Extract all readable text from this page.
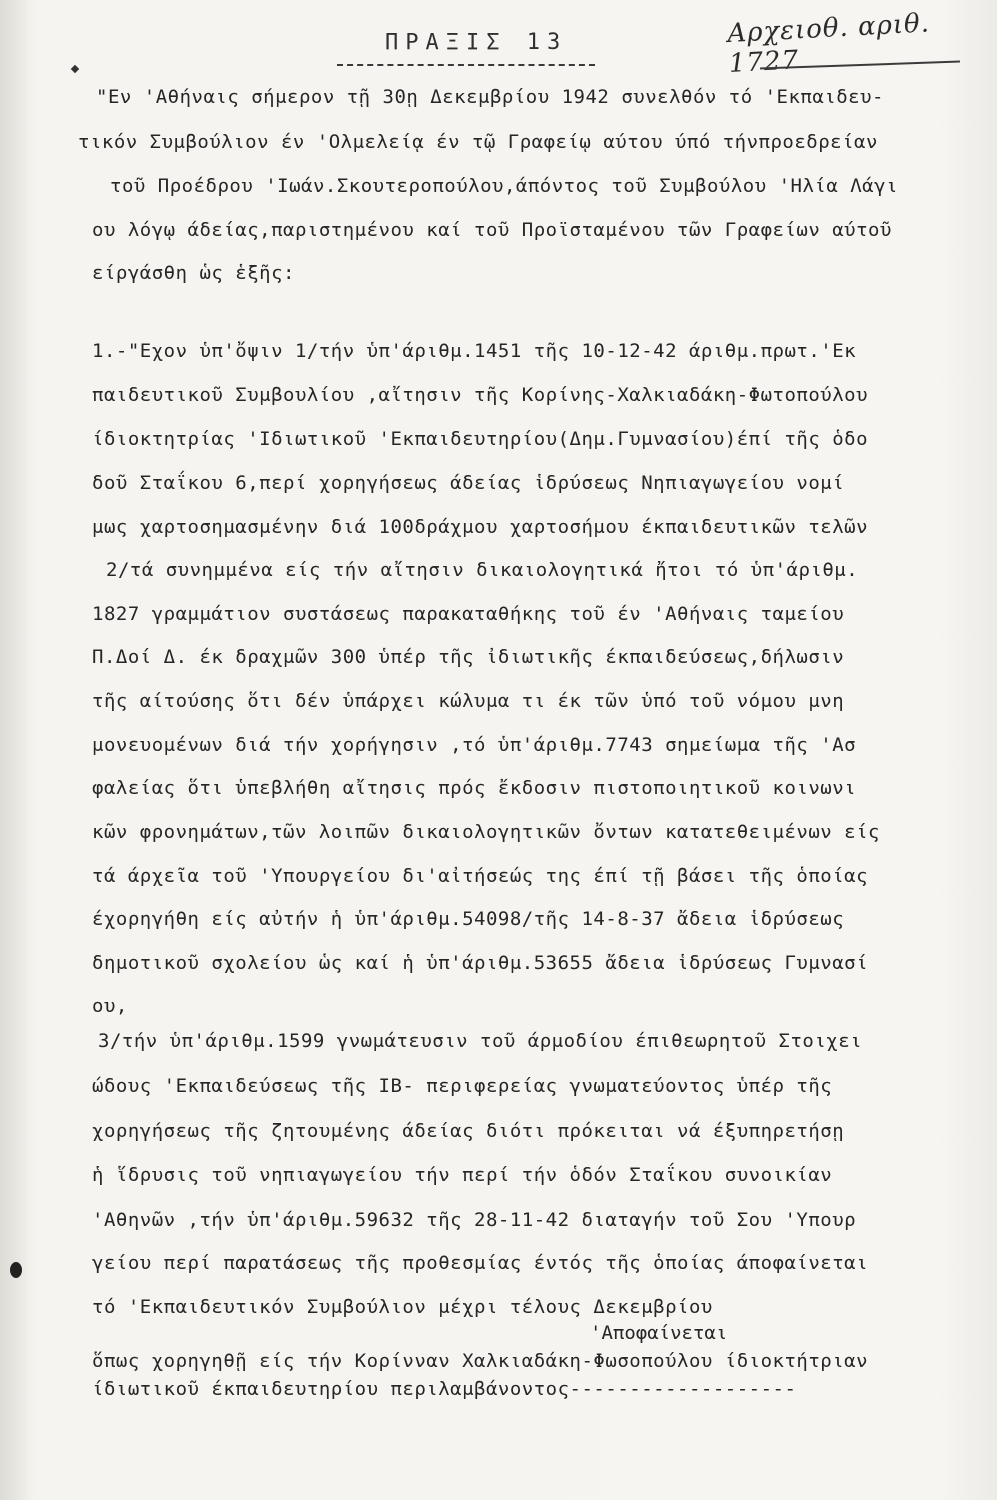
Αρχειοθ. αριθ. 1727
ΠΡΑΞΙΣ 13
"Εν 'Αθήναις σήμερον τῇ 30ῃ Δεκεμβρίου 1942 συνελθόν τό 'Εκπαιδευ-
τικόν Συμβούλιον έν 'Ολμελείᾳ έν τῷ Γραφείῳ αύτου ύπό τήνπροεδρείαν
τοῦ Προέδρου 'Ιωάν.Σκουτεροπούλου,άπόντος τοῦ Συμβούλου 'Ηλία Λάγι
ου λόγῳ άδείας,παριστημένου καί τοῦ Προϊσταμένου τῶν Γραφείων αύτοῦ
είργάσθη ὡς ἑξῆς:
1.-"Εχον ὑπ'ὄψιν 1/τήν ὑπ'άριθμ.1451 τῆς 10-12-42 άριθμ.πρωτ.'Εκ
παιδευτικοῦ Συμβουλίου ,αἴτησιν τῆς Κορίνης-Χαλκιαδάκη-Φωτοπούλου
ίδιοκτητρίας 'Ιδιωτικοῦ 'Εκπαιδευτηρίου(Δημ.Γυμνασίου)έπί τῆς ὁδο
δοῦ Σταΐκου 6,περί χορηγήσεως άδείας ἱδρύσεως Νηπιαγωγείου νομί
μως χαρτοσημασμένην διά 100δράχμου χαρτοσήμου έκπαιδευτικῶν τελῶν
2/τά συνημμένα είς τήν αἴτησιν δικαιολογητικά ἤτοι τό ὑπ'άριθμ.
1827 γραμμάτιον συστάσεως παρακαταθήκης τοῦ έν 'Αθήναις ταμείου
Π.Δοί Δ. έκ δραχμῶν 300 ὑπέρ τῆς ἰδιωτικῆς έκπαιδεύσεως,δήλωσιν
τῆς αίτούσης ὅτι δέν ὑπάρχει κώλυμα τι έκ τῶν ὑπό τοῦ νόμου μνη
μονευομένων διά τήν χορήγησιν ,τό ὑπ'άριθμ.7743 σημείωμα τῆς 'Ασ
φαλείας ὅτι ὑπεβλήθη αἴτησις πρός ἔκδοσιν πιστοποιητικοῦ κοινωνι
κῶν φρονημάτων,τῶν λοιπῶν δικαιολογητικῶν ὄντων κατατεθειμένων είς
τά άρχεῖα τοῦ 'Υπουργείου δι'αἰτήσεώς της έπί τῇ βάσει τῆς ὁποίας
έχορηγήθη είς αὐτήν ἡ ὑπ'άριθμ.54098/τῆς 14-8-37 ἄδεια ἱδρύσεως
δημοτικοῦ σχολείου ὡς καί ἡ ὑπ'άριθμ.53655 ἄδεια ἱδρύσεως Γυμνασί
ου,
3/τήν ὑπ'άριθμ.1599 γνωμάτευσιν τοῦ άρμοδίου έπιθεωρητοῦ Στοιχει
ώδους 'Εκπαιδεύσεως τῆς ΙΒ- περιφερείας γνωματεύοντος ὑπέρ τῆς
χορηγήσεως τῆς ζητουμένης άδείας διότι πρόκειται νά έξυπηρετήσῃ
ἡ ἵδρυσις τοῦ νηπιαγωγείου τήν περί τήν ὁδόν Σταΐκου συνοικίαν
'Αθηνῶν ,τήν ὑπ'άριθμ.59632 τῆς 28-11-42 διαταγήν τοῦ Σου 'Υπουρ
γείου περί παρατάσεως τῆς προθεσμίας έντός τῆς ὁποίας άποφαίνεται
τό 'Εκπαιδευτικόν Συμβούλιον μέχρι τέλους Δεκεμβρίου
'Αποφαίνεται
ὅπως χορηγηθῇ είς τήν Κορίνναν Χαλκιαδάκη-Φωσοπούλου ίδιοκτήτριαν
ίδιωτικοῦ έκπαιδευτηρίου περιλαμβάνοντος-------------------
